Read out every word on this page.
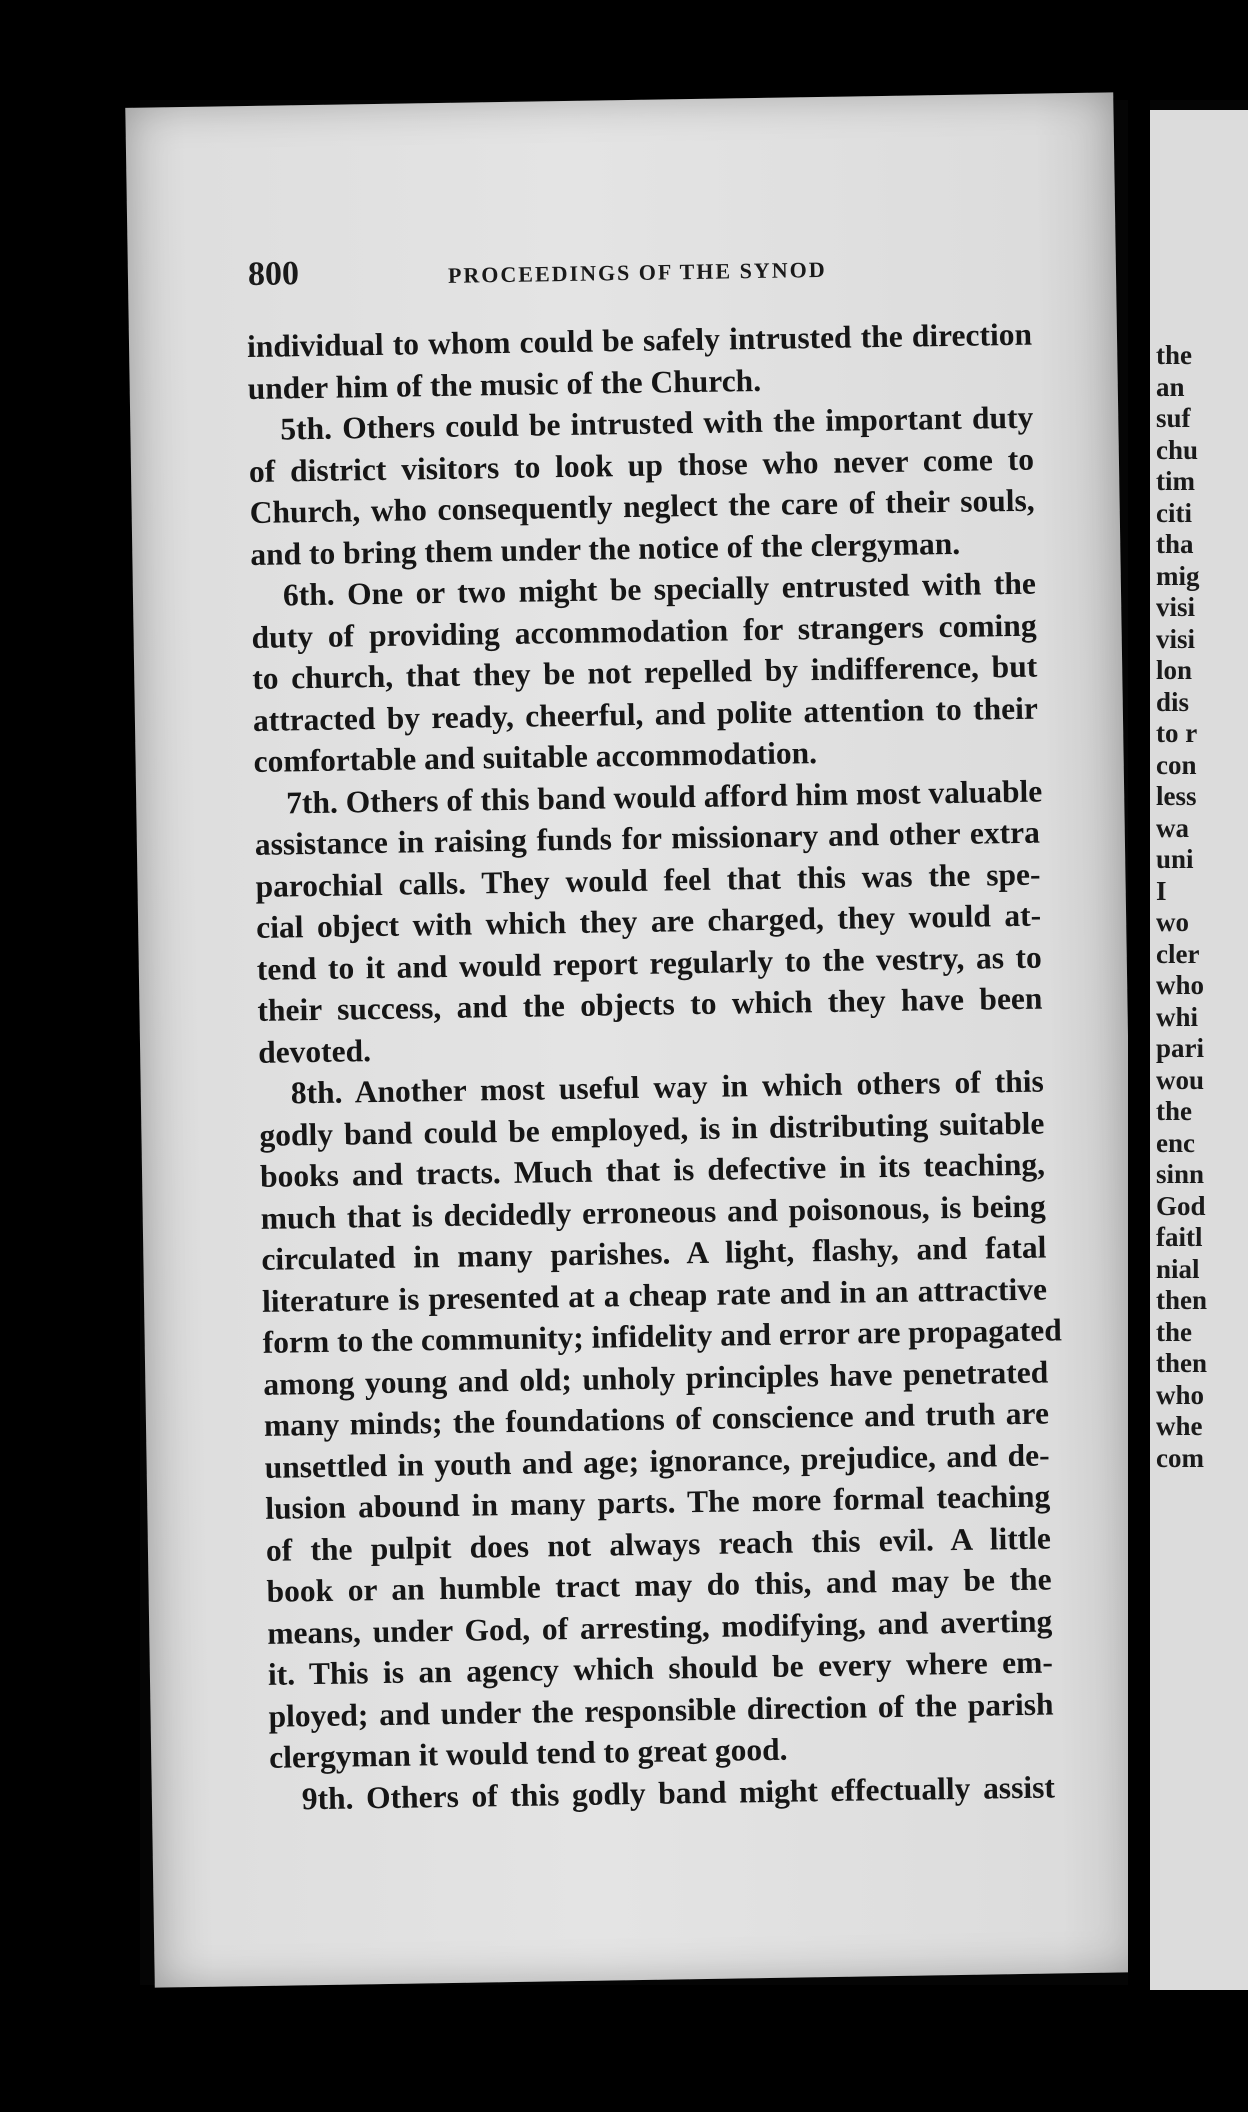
800	PROCEEDINGS OF THE SYNOD
individual to whom could be safely intrusted the direction
under him of the music of the Church.
5th. Others could be intrusted with the important duty
of district visitors to look up those who never come to
Church, who consequently neglect the care of their souls,
and to bring them under the notice of the clergyman.
6th. One or two might be specially entrusted with the
duty of providing accommodation for strangers coming
to church, that they be not repelled by indifference, but
attracted by ready, cheerful, and polite attention to their
comfortable and suitable accommodation.
7th. Others of this band would afford him most valuable
assistance in raising funds for missionary and other extra
parochial calls. They would feel that this was the spe-
cial object with which they are charged, they would at-
tend to it and would report regularly to the vestry, as to
their success, and the objects to which they have been
devoted.
8th. Another most useful way in which others of this
godly band could be employed, is in distributing suitable
books and tracts. Much that is defective in its teaching,
much that is decidedly erroneous and poisonous, is being
circulated in many parishes. A light, flashy, and fatal
literature is presented at a cheap rate and in an attractive
form to the community; infidelity and error are propagated
among young and old; unholy principles have penetrated
many minds; the foundations of conscience and truth are
unsettled in youth and age; ignorance, prejudice, and de-
lusion abound in many parts. The more formal teaching
of the pulpit does not always reach this evil. A little
book or an humble tract may do this, and may be the
means, under God, of arresting, modifying, and averting
it. This is an agency which should be every where em-
ployed; and under the responsible direction of the parish
clergyman it would tend to great good.
9th. Others of this godly band might effectually assist
the
an
suf
chu
tim
citi
tha
mig
visi
visi
lon
dis
to r
con
less
wa
uni
I
wo
cler
who
whi
pari
wou
the
enc
sinn
God
faitl
nial
then
the
then
who
whe
com
